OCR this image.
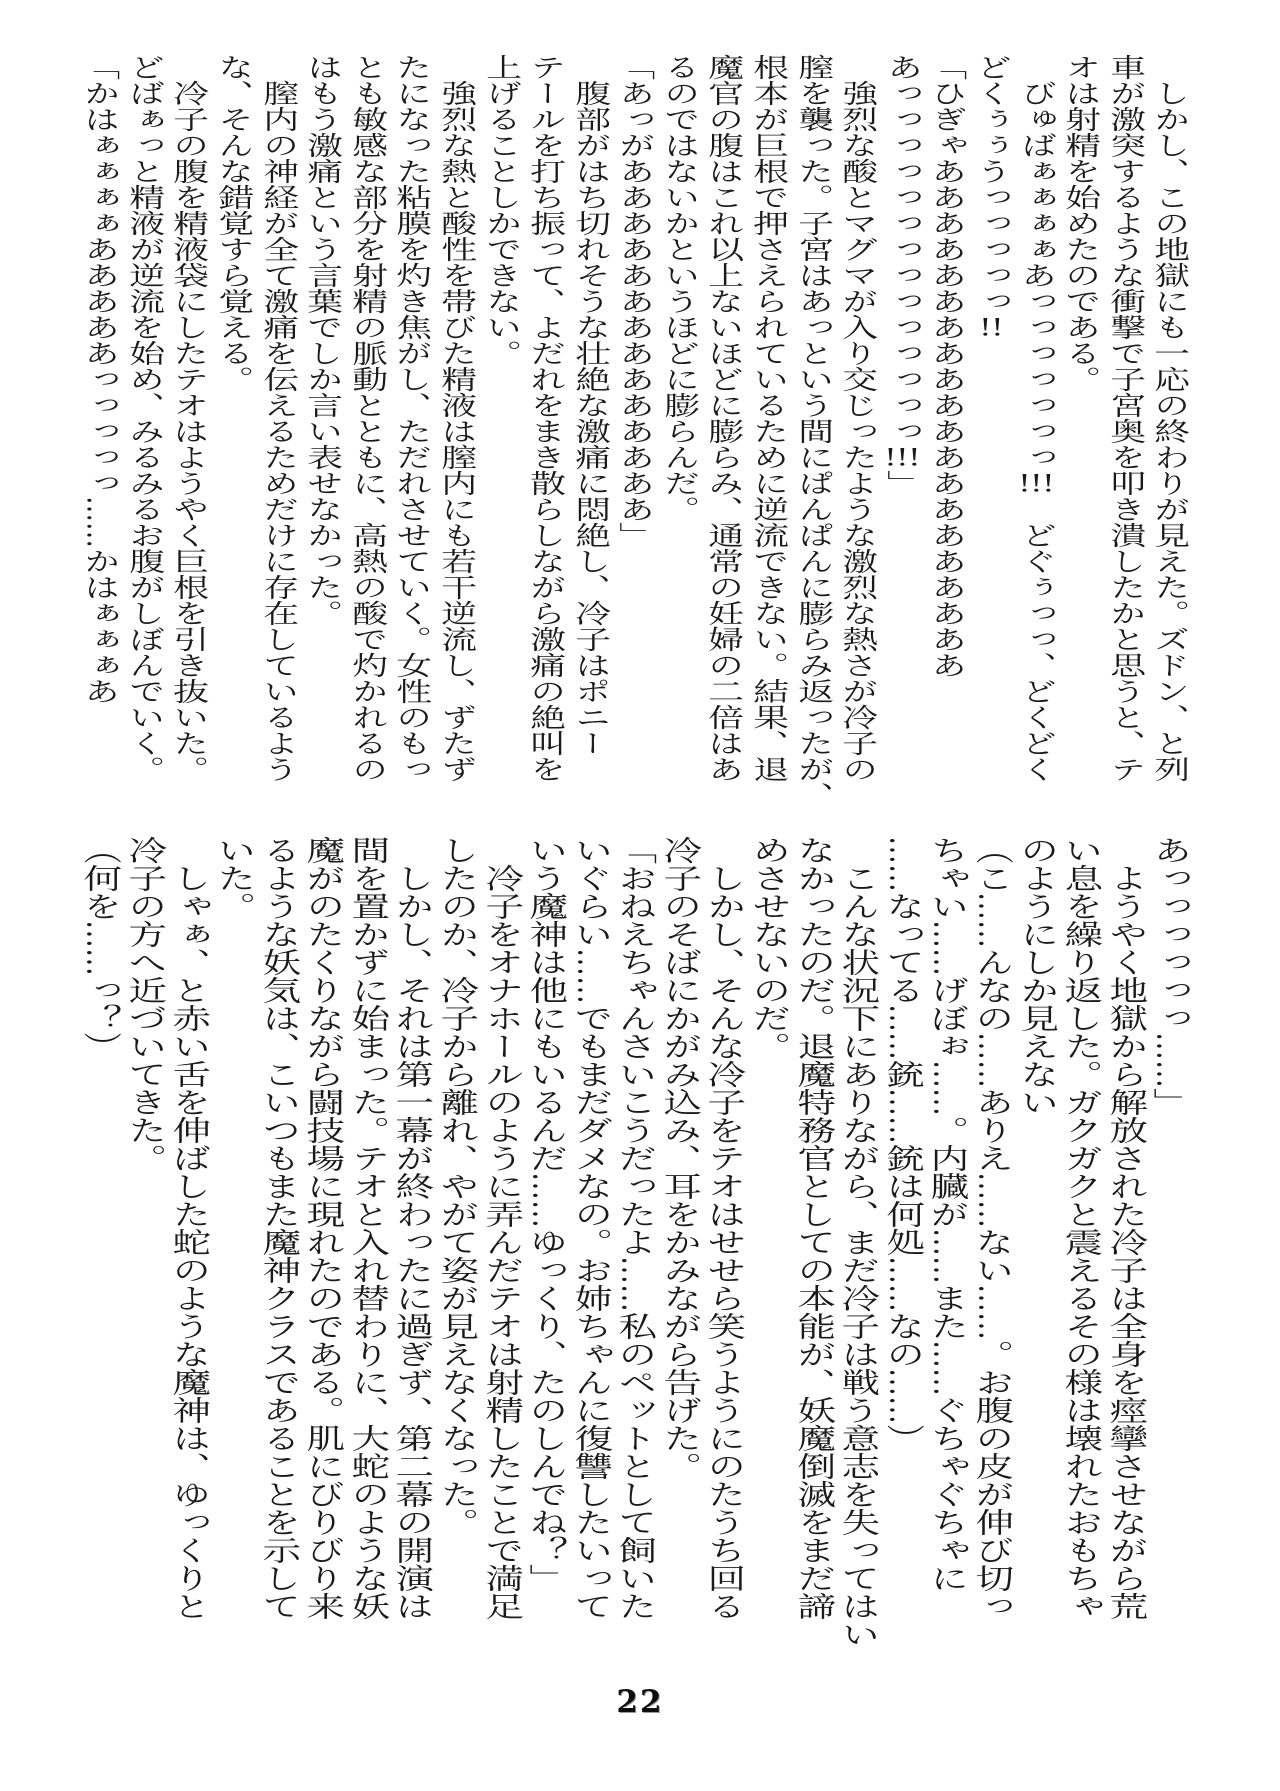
　しかし、この地獄にも一応の終わりが見えた。ズドン、と列
車が激突するような衝撃で子宮奥を叩き潰したかと思うと、テ
オは射精を始めたのである。
　びゅばぁぁぁぁあっっっっっっっ!!!　どぐぅっっ、どくどく
どくぅぅうっっっっっ!!
「ひぎゃああああああああああああああああああああ
あっっっっっっっっっっっっっっ!!!」
　強烈な酸とマグマが入り交じったような激烈な熱さが冷子の
膣を襲った。子宮はあっという間にぱんぱんに膨らみ返ったが、
根本が巨根で押さえられているために逆流できない。結果、退
魔官の腹はこれ以上ないほどに膨らみ、通常の妊婦の二倍はあ
るのではないかというほどに膨らんだ。
「あっがああああああああああああああ」
　腹部がはち切れそうな壮絶な激痛に悶絶し、冷子はポニー
テールを打ち振って、よだれをまき散らしながら激痛の絶叫を
上げることしかできない。
　強烈な熱と酸性を帯びた精液は膣内にも若干逆流し、ずたず
たになった粘膜を灼き焦がし、ただれさせていく。女性のもっ
とも敏感な部分を射精の脈動とともに、高熱の酸で灼かれるの
はもう激痛という言葉でしか言い表せなかった。
　膣内の神経が全て激痛を伝えるためだけに存在しているよう
な、そんな錯覚すら覚える。
　冷子の腹を精液袋にしたテオはようやく巨根を引き抜いた。
どばぁっと精液が逆流を始め、みるみるお腹がしぼんでいく。
「かはぁぁぁぁあああああっっっっっ……かはぁぁぁあ
あっっっっっっ……」
　ようやく地獄から解放された冷子は全身を痙攣させながら荒
い息を繰り返した。ガクガクと震えるその様は壊れたおもちゃ
のようにしか見えない
（こ……んなの……ありえ……ない……。お腹の皮が伸び切っ
ちゃい……げぼぉ……。内臓が……また……ぐちゃぐちゃに
……なってる……銃……銃は何処……なの……）
　こんな状況下にありながら、まだ冷子は戦う意志を失ってはい
なかったのだ。退魔特務官としての本能が、妖魔倒滅をまだ諦
めさせないのだ。
　しかし、そんな冷子をテオはせせら笑うようにのたうち回る
冷子のそばにかがみ込み、耳をかみながら告げた。
「おねえちゃんさいこうだったよ……私のペットとして飼いた
いぐらい……でもまだダメなの。お姉ちゃんに復讐したいって
いう魔神は他にもいるんだ……ゆっくり、たのしんでね？」
　冷子をオナホールのように弄んだテオは射精したことで満足
したのか、冷子から離れ、やがて姿が見えなくなった。
　しかし、それは第一幕が終わったに過ぎず、第二幕の開演は
間を置かずに始まった。テオと入れ替わりに、大蛇のような妖
魔がのたくりながら闘技場に現れたのである。肌にびりびり来
るような妖気は、こいつもまた魔神クラスであることを示して
いた。
　しゃぁ、と赤い舌を伸ばした蛇のような魔神は、ゆっくりと
冷子の方へ近づいてきた。
（何を……っ？）
22
